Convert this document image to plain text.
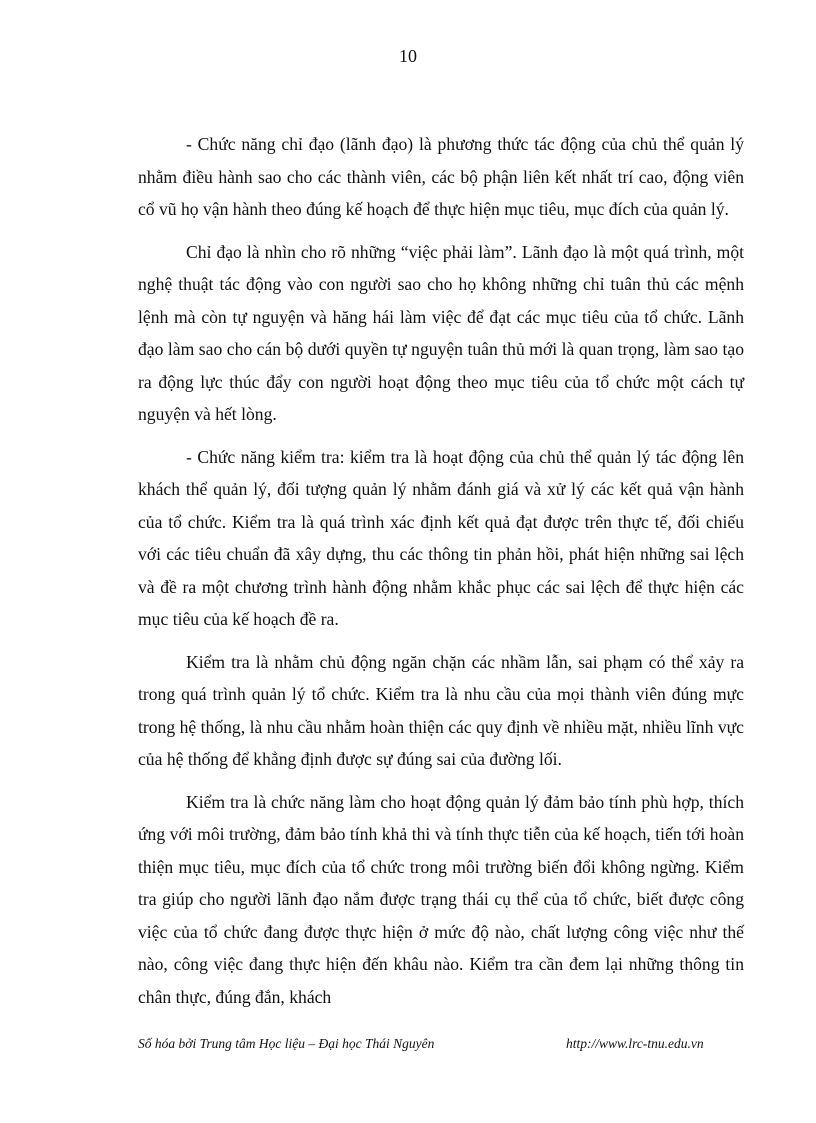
10

- Chức năng chỉ đạo (lãnh đạo) là phương thức tác động của chủ thể quản lý nhằm điều hành sao cho các thành viên, các bộ phận liên kết nhất trí cao, động viên cổ vũ họ vận hành theo đúng kế hoạch để thực hiện mục tiêu, mục đích của quản lý.

Chỉ đạo là nhìn cho rõ những “việc phải làm”. Lãnh đạo là một quá trình, một nghệ thuật tác động vào con người sao cho họ không những chỉ tuân thủ các mệnh lệnh mà còn tự nguyện và hăng hái làm việc để đạt các mục tiêu của tổ chức. Lãnh đạo làm sao cho cán bộ dưới quyền tự nguyện tuân thủ mới là quan trọng, làm sao tạo ra động lực thúc đẩy con người hoạt động theo mục tiêu của tổ chức một cách tự nguyện và hết lòng.

- Chức năng kiểm tra: kiểm tra là hoạt động của chủ thể quản lý tác động lên khách thể quản lý, đối tượng quản lý nhằm đánh giá và xử lý các kết quả vận hành của tổ chức. Kiểm tra là quá trình xác định kết quả đạt được trên thực tế, đối chiếu với các tiêu chuẩn đã xây dựng, thu các thông tin phản hồi, phát hiện những sai lệch và đề ra một chương trình hành động nhằm khắc phục các sai lệch để thực hiện các mục tiêu của kế hoạch đề ra.

Kiểm tra là nhằm chủ động ngăn chặn các nhầm lẫn, sai phạm có thể xảy ra trong quá trình quản lý tổ chức. Kiểm tra là nhu cầu của mọi thành viên đúng mực trong hệ thống, là nhu cầu nhằm hoàn thiện các quy định về nhiều mặt, nhiều lĩnh vực của hệ thống để khẳng định được sự đúng sai của đường lối.

Kiểm tra là chức năng làm cho hoạt động quản lý đảm bảo tính phù hợp, thích ứng với môi trường, đảm bảo tính khả thi và tính thực tiễn của kế hoạch, tiến tới hoàn thiện mục tiêu, mục đích của tổ chức trong môi trường biến đổi không ngừng. Kiểm tra giúp cho người lãnh đạo nắm được trạng thái cụ thể của tổ chức, biết được công việc của tổ chức đang được thực hiện ở mức độ nào, chất lượng công việc như thế nào, công việc đang thực hiện đến khâu nào. Kiểm tra cần đem lại những thông tin chân thực, đúng đắn, khách

Số hóa bởi Trung tâm Học liệu – Đại học Thái Nguyên	http://www.lrc-tnu.edu.vn
